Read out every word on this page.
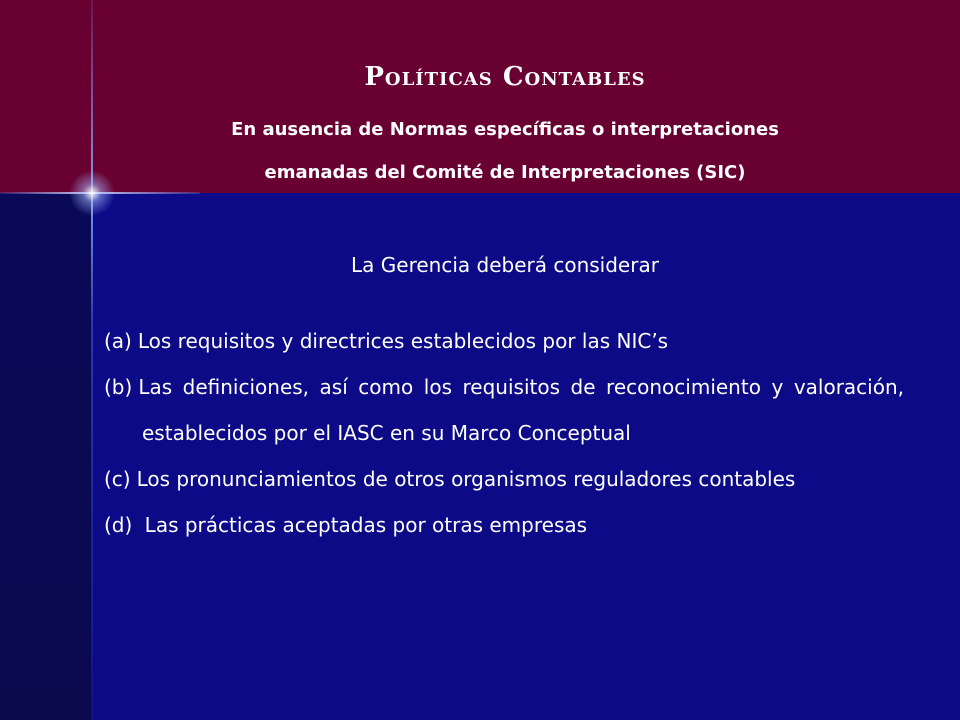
Políticas Contables
En ausencia de Normas específicas o interpretaciones
emanadas del Comité de Interpretaciones (SIC)
La Gerencia deberá considerar
(a) Los requisitos y directrices establecidos por las NIC’s
(b) Las definiciones, así como los requisitos de reconocimiento y valoración, establecidos por el IASC en su Marco Conceptual
(c) Los pronunciamientos de otros organismos reguladores contables
(d) Las prácticas aceptadas por otras empresas
